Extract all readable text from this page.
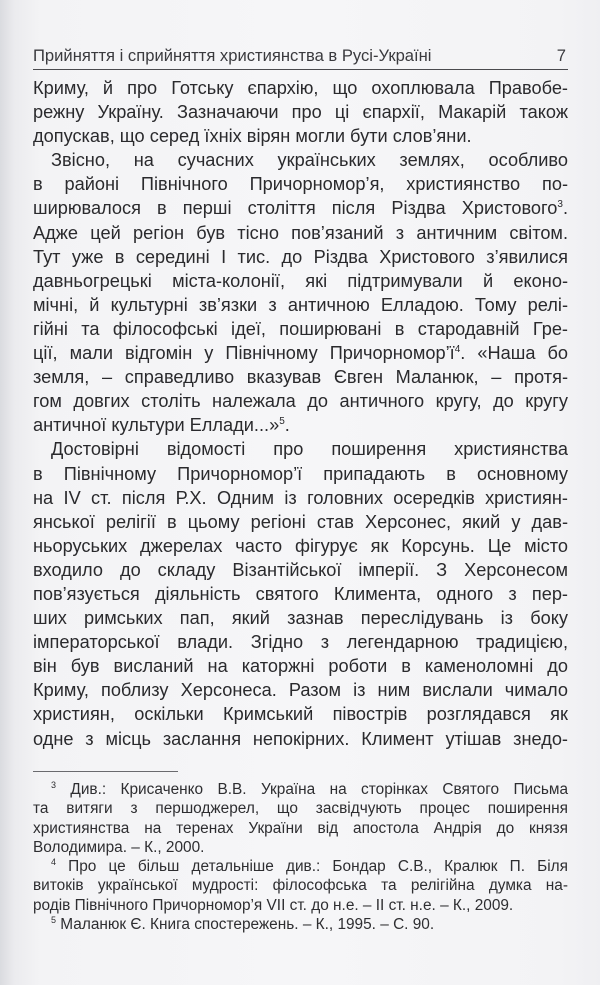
Прийняття і сприйняття християнства в Русі-Україні	7
Криму, й про Готську єпархію, що охоплювала Правобе-
режну Україну. Зазначаючи про ці єпархії, Макарій також
допускав, що серед їхніх вірян могли бути слов’яни.
Звісно, на сучасних українських землях, особливо
в районі Північного Причорномор’я, християнство по-
ширювалося в перші століття після Різдва Христового$^3$.
Адже цей регіон був тісно пов’язаний з античним світом.
Тут уже в середині І тис. до Різдва Христового з’явилися
давньогрецькі міста-колонії, які підтримували й еконо-
мічні, й культурні зв’язки з античною Елладою. Тому релі-
гійні та філософські ідеї, поширювані в стародавній Гре-
ції, мали відгомін у Північному $Причорномор’ї^4$. «Наша бо
земля, – справедливо вказував Євген Маланюк, – протя-
гом довгих століть належала до античного кругу, до кругу
античної культури Еллади...»$^5$.
Достовірні відомості про поширення християнства
в Північному Причорномор’ї припадають в основному
на IV ст. після Р.Х. Одним із головних осередків християн-
янської релігії в цьому регіоні став Херсонес, який у дав-
ньоруських джерелах часто фігурує як Корсунь. Це місто
входило до складу Візантійської імперії. З Херсонесом
пов’язується діяльність святого Климента, одного з пер-
ших римських пап, який зазнав переслідувань із боку
імператорської влади. Згідно з легендарною традицією,
він був висланий на каторжні роботи в каменоломні до
Криму, поблизу Херсонеса. Разом із ним вислали чимало
християн, оскільки Кримський півострів розглядався як
одне з місць заслання непокірних. Климент утішав знедо-
$^3$ Див.: Крисаченко В.В. Україна на сторінках Святого Письма
та витяги з першоджерел, що засвідчують процес поширення
християнства на теренах України від апостола Андрія до князя
Володимира. – К., 2000.
$^4$ Про це більш детальніше див.: Бондар С.В., Кралюк П. Біля
витоків української мудрості: філософська та релігійна думка на-
родів Північного Причорномор’я VII ст. до н.е. – II ст. н.е. – К., 2009.
$^5$ Маланюк Є. Книга спостережень. – К., 1995. – С. 90.
